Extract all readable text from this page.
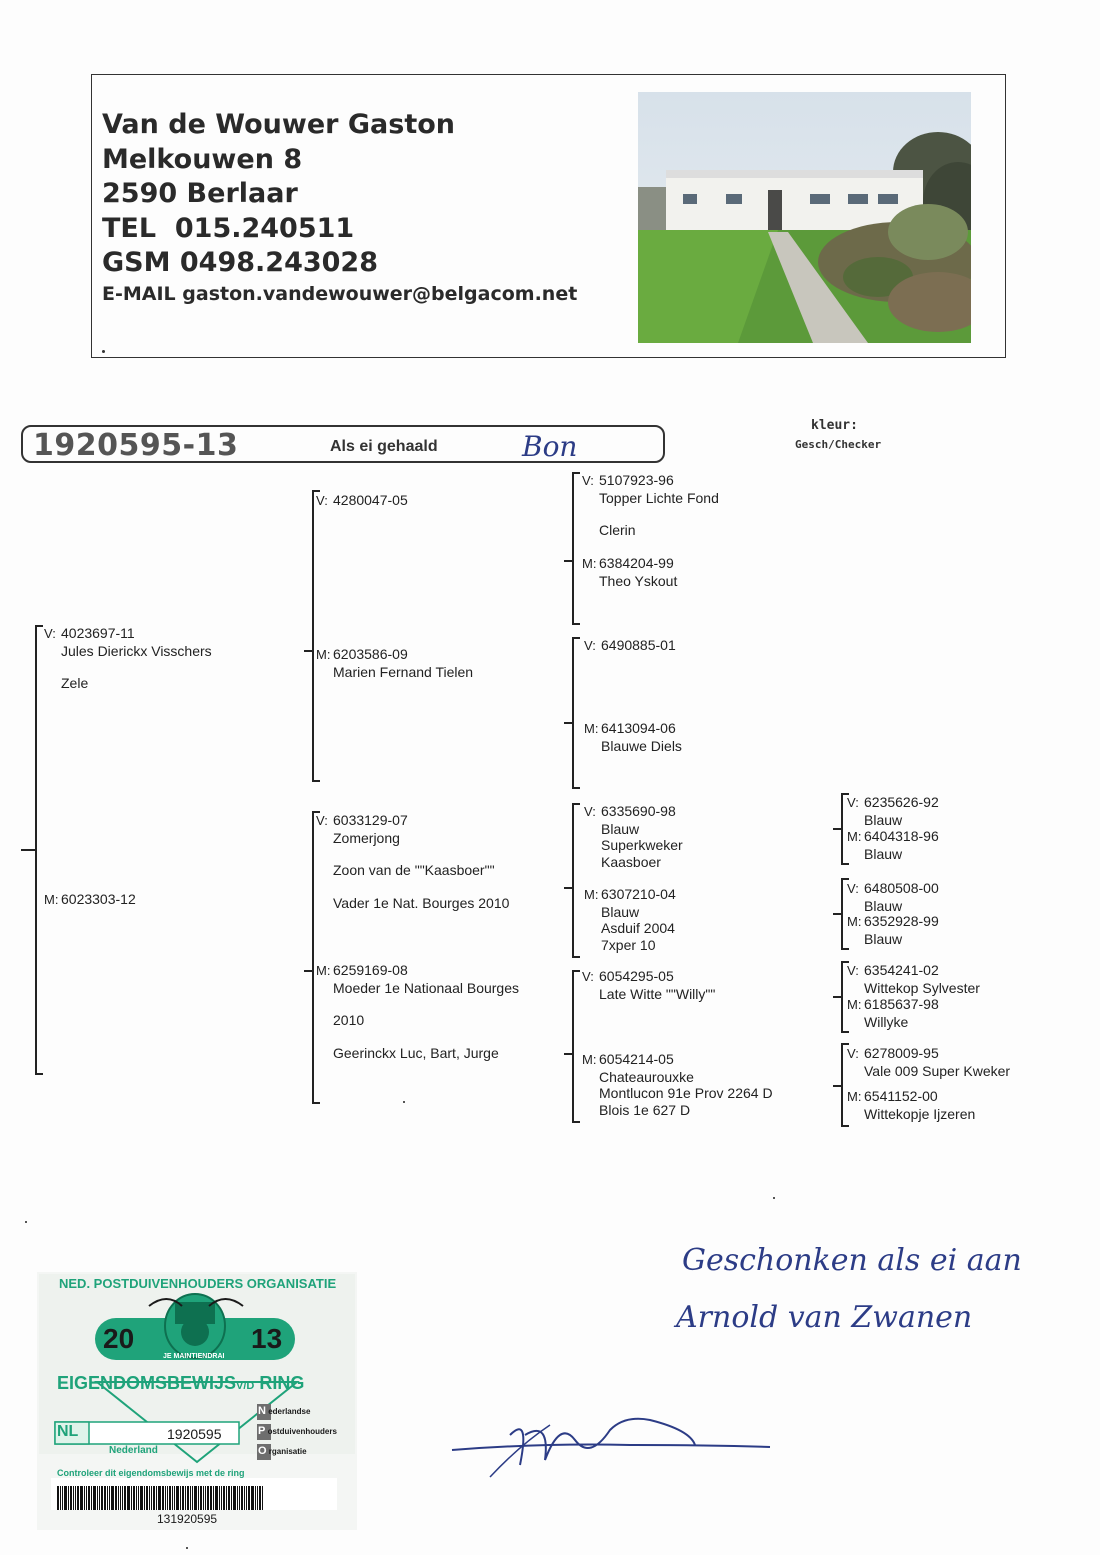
Van de Wouwer Gaston
Melkouwen 8
2590 Berlaar
TEL  015.240511
GSM 0498.243028
E-MAIL gaston.vandewouwer@belgacom.net
1920595-13	Als ei gehaald	Bon
kleur:
Gesch/Checker
V: 4023697-11
Jules Dierickx Visschers
Zele
M: 6023303-12
V: 4280047-05
M: 6203586-09
Marien Fernand Tielen
V: 6033129-07
Zomerjong
Zoon van de ""Kaasboer""
Vader 1e Nat. Bourges 2010
M: 6259169-08
Moeder 1e Nationaal Bourges
2010
Geerinckx Luc, Bart, Jurge
V: 5107923-96
Topper Lichte Fond
Clerin
M: 6384204-99
Theo Yskout
V: 6490885-01
M: 6413094-06
Blauwe Diels
V: 6335690-98
Blauw
Superkweker
Kaasboer
M: 6307210-04
Blauw
Asduif 2004
7xper 10
V: 6054295-05
Late Witte ""Willy""
M: 6054214-05
Chateaurouxke
Montlucon 91e Prov 2264 D
Blois 1e 627 D
V: 6235626-92
Blauw
M: 6404318-96
Blauw
V: 6480508-00
Blauw
M: 6352928-99
Blauw
V: 6354241-02
Wittekop Sylvester
M: 6185637-98
Willyke
V: 6278009-95
Vale 009 Super Kweker
M: 6541152-00
Wittekopje Ijzeren
NED. POSTDUIVENHOUDERS ORGANISATIE
20	13
JE MAINTIENDRAI
EIGENDOMSBEWIJSV/D RING
NL	1920595
Nederland
N ederlandse
P ostduivenhouders
O rganisatie
Controleer dit eigendomsbewijs met de ring
131920595
Geschonken als ei aan
Arnold van Zwanen
